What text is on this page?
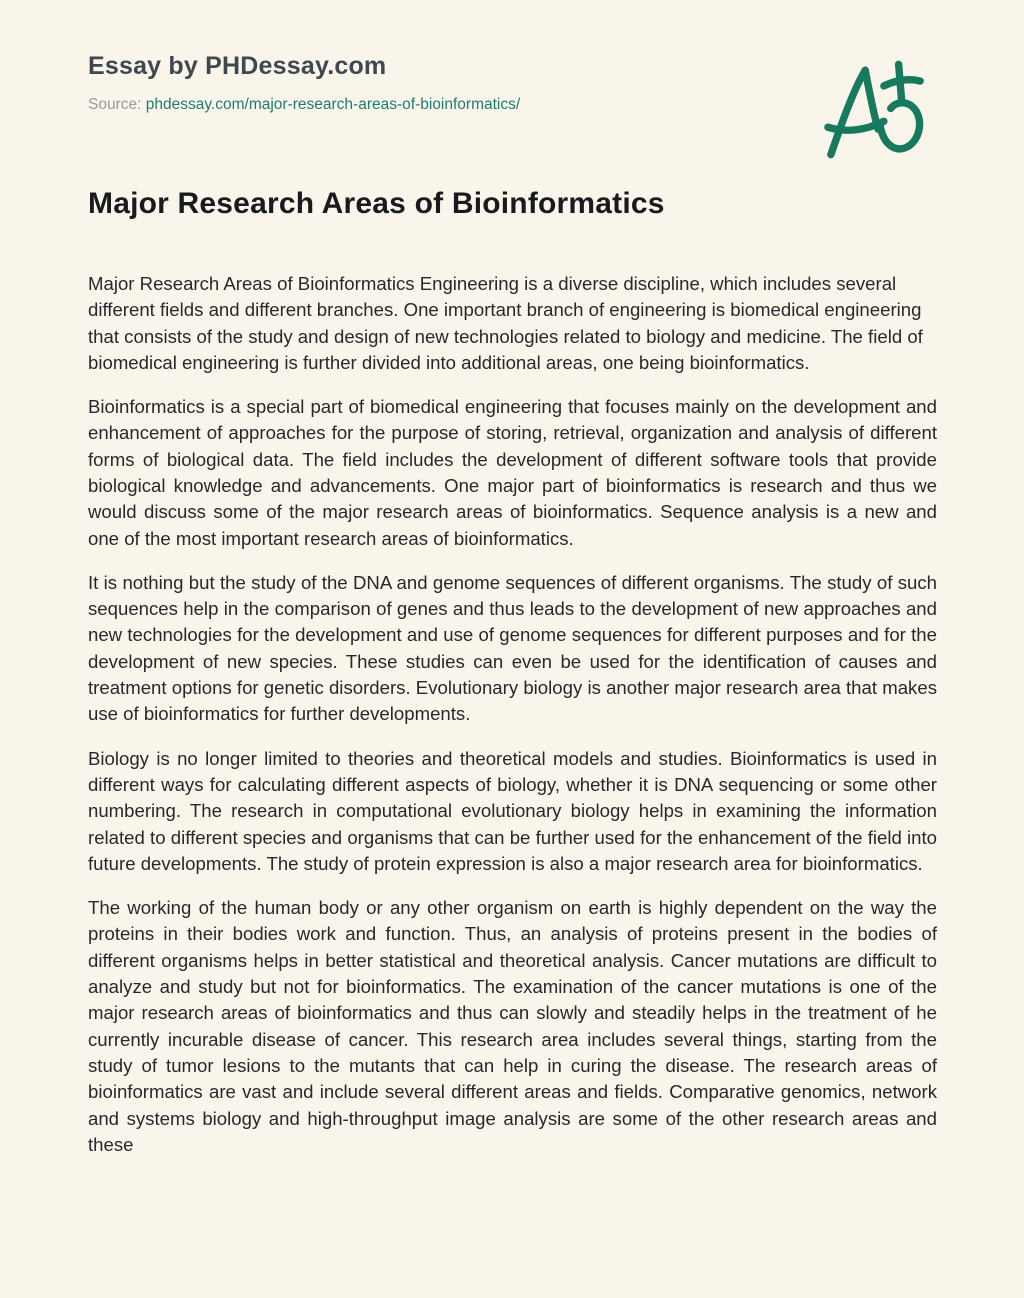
Essay by PHDessay.com
Source: phdessay.com/major-research-areas-of-bioinformatics/
Major Research Areas of Bioinformatics

Major Research Areas of Bioinformatics Engineering is a diverse discipline, which includes several different fields and different branches. One important branch of engineering is biomedical engineering that consists of the study and design of new technologies related to biology and medicine. The field of biomedical engineering is further divided into additional areas, one being bioinformatics.

Bioinformatics is a special part of biomedical engineering that focuses mainly on the development and enhancement of approaches for the purpose of storing, retrieval, organization and analysis of different forms of biological data. The field includes the development of different software tools that provide biological knowledge and advancements. One major part of bioinformatics is research and thus we would discuss some of the major research areas of bioinformatics. Sequence analysis is a new and one of the most important research areas of bioinformatics.

It is nothing but the study of the DNA and genome sequences of different organisms. The study of such sequences help in the comparison of genes and thus leads to the development of new approaches and new technologies for the development and use of genome sequences for different purposes and for the development of new species. These studies can even be used for the identification of causes and treatment options for genetic disorders. Evolutionary biology is another major research area that makes use of bioinformatics for further developments.

Biology is no longer limited to theories and theoretical models and studies. Bioinformatics is used in different ways for calculating different aspects of biology, whether it is DNA sequencing or some other numbering. The research in computational evolutionary biology helps in examining the information related to different species and organisms that can be further used for the enhancement of the field into future developments. The study of protein expression is also a major research area for bioinformatics.

The working of the human body or any other organism on earth is highly dependent on the way the proteins in their bodies work and function. Thus, an analysis of proteins present in the bodies of different organisms helps in better statistical and theoretical analysis. Cancer mutations are difficult to analyze and study but not for bioinformatics. The examination of the cancer mutations is one of the major research areas of bioinformatics and thus can slowly and steadily helps in the treatment of he currently incurable disease of cancer. This research area includes several things, starting from the study of tumor lesions to the mutants that can help in curing the disease. The research areas of bioinformatics are vast and include several different areas and fields. Comparative genomics, network and systems biology and high-throughput image analysis are some of the other research areas and these
